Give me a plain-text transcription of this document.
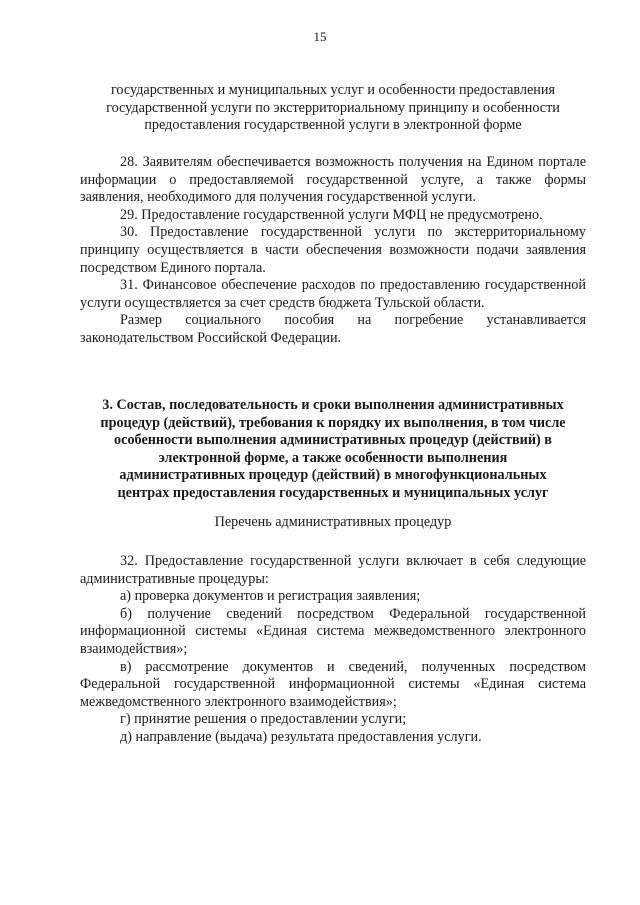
15
государственных и муниципальных услуг и особенности предоставления
государственной услуги по экстерриториальному принципу и особенности
предоставления государственной услуги в электронной форме

28. Заявителям обеспечивается возможность получения на Едином портале информации о предоставляемой государственной услуге, а также формы заявления, необходимого для получения государственной услуги.

29. Предоставление государственной услуги МФЦ не предусмотрено.

30. Предоставление государственной услуги по экстерриториальному принципу осуществляется в части обеспечения возможности подачи заявления посредством Единого портала.

31. Финансовое обеспечение расходов по предоставлению государственной услуги осуществляется за счет средств бюджета Тульской области.

Размер социального пособия на погребение устанавливается законодательством Российской Федерации.

3. Состав, последовательность и сроки выполнения административных
процедур (действий), требования к порядку их выполнения, в том числе
особенности выполнения административных процедур (действий) в
электронной форме, а также особенности выполнения
административных процедур (действий) в многофункциональных
центрах предоставления государственных и муниципальных услуг
Перечень административных процедур

32. Предоставление государственной услуги включает в себя следующие административные процедуры:

а) проверка документов и регистрация заявления;

б) получение сведений посредством Федеральной государственной информационной системы «Единая система межведомственного электронного взаимодействия»;

в) рассмотрение документов и сведений, полученных посредством Федеральной государственной информационной системы «Единая система межведомственного электронного взаимодействия»;

г) принятие решения о предоставлении услуги;

д) направление (выдача) результата предоставления услуги.
